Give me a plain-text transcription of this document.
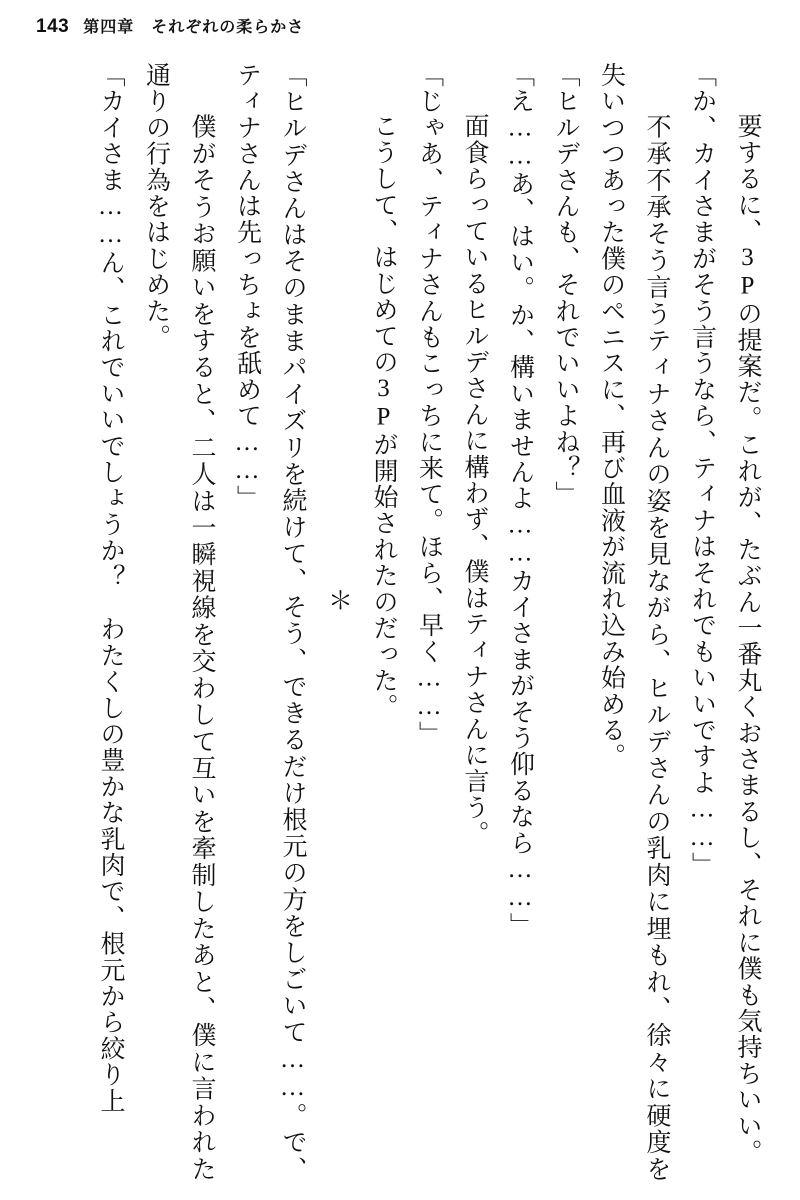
143 第四章　それぞれの柔らかさ

　要するに、3Pの提案だ。これが、たぶん一番丸くおさまるし、それに僕も気持ちいい。

「か、カイさまがそう言うなら、ティナはそれでもいいですよ……」

　不承不承そう言うティナさんの姿を見ながら、ヒルデさんの乳肉に埋もれ、徐々に硬度を失いつつあった僕のペニスに、再び血液が流れ込み始める。

「ヒルデさんも、それでいいよね？」

「え……あ、はい。か、構いませんよ……カイさまがそう仰るなら……」

　面食らっているヒルデさんに構わず、僕はティナさんに言う。

「じゃあ、ティナさんもこっちに来て。ほら、早く……」

　こうして、はじめての3Pが開始されたのだった。

＊

「ヒルデさんはそのままパイズリを続けて、そう、できるだけ根元の方をしごいて……。で、ティナさんは先っちょを舐めて……」

　僕がそうお願いをすると、二人は一瞬視線を交わして互いを牽制したあと、僕に言われた通りの行為をはじめた。

「カイさま……ん、これでいいでしょうか？　わたくしの豊かな乳肉で、根元から絞り上
